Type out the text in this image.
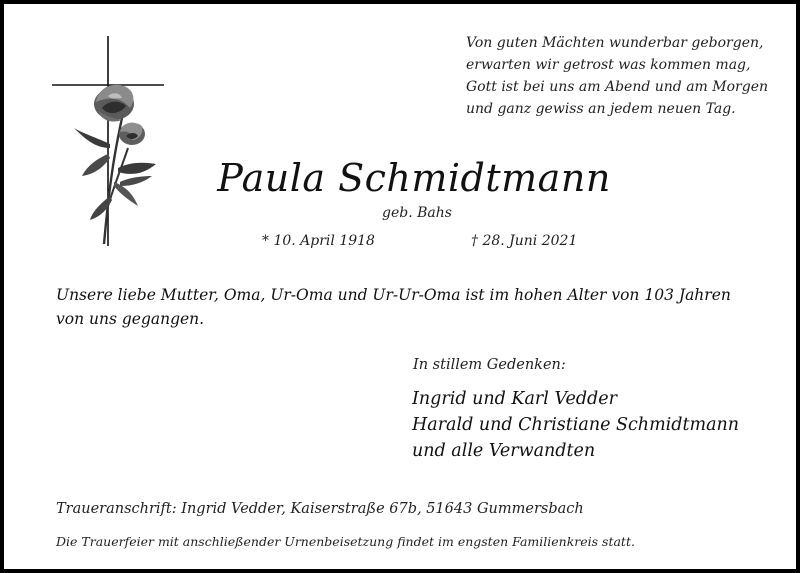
Von guten Mächten wunderbar geborgen,
erwarten wir getrost was kommen mag,
Gott ist bei uns am Abend und am Morgen
und ganz gewiss an jedem neuen Tag.
Paula Schmidtmann
geb. Bahs
* 10. April 1918	† 28. Juni 2021
Unsere liebe Mutter, Oma, Ur-Oma und Ur-Ur-Oma ist im hohen Alter von 103 Jahren von uns gegangen.
In stillem Gedenken:
Ingrid und Karl Vedder
Harald und Christiane Schmidtmann
und alle Verwandten
Traueranschrift: Ingrid Vedder, Kaiserstraße 67b, 51643 Gummersbach
Die Trauerfeier mit anschließender Urnenbeisetzung findet im engsten Familienkreis statt.
